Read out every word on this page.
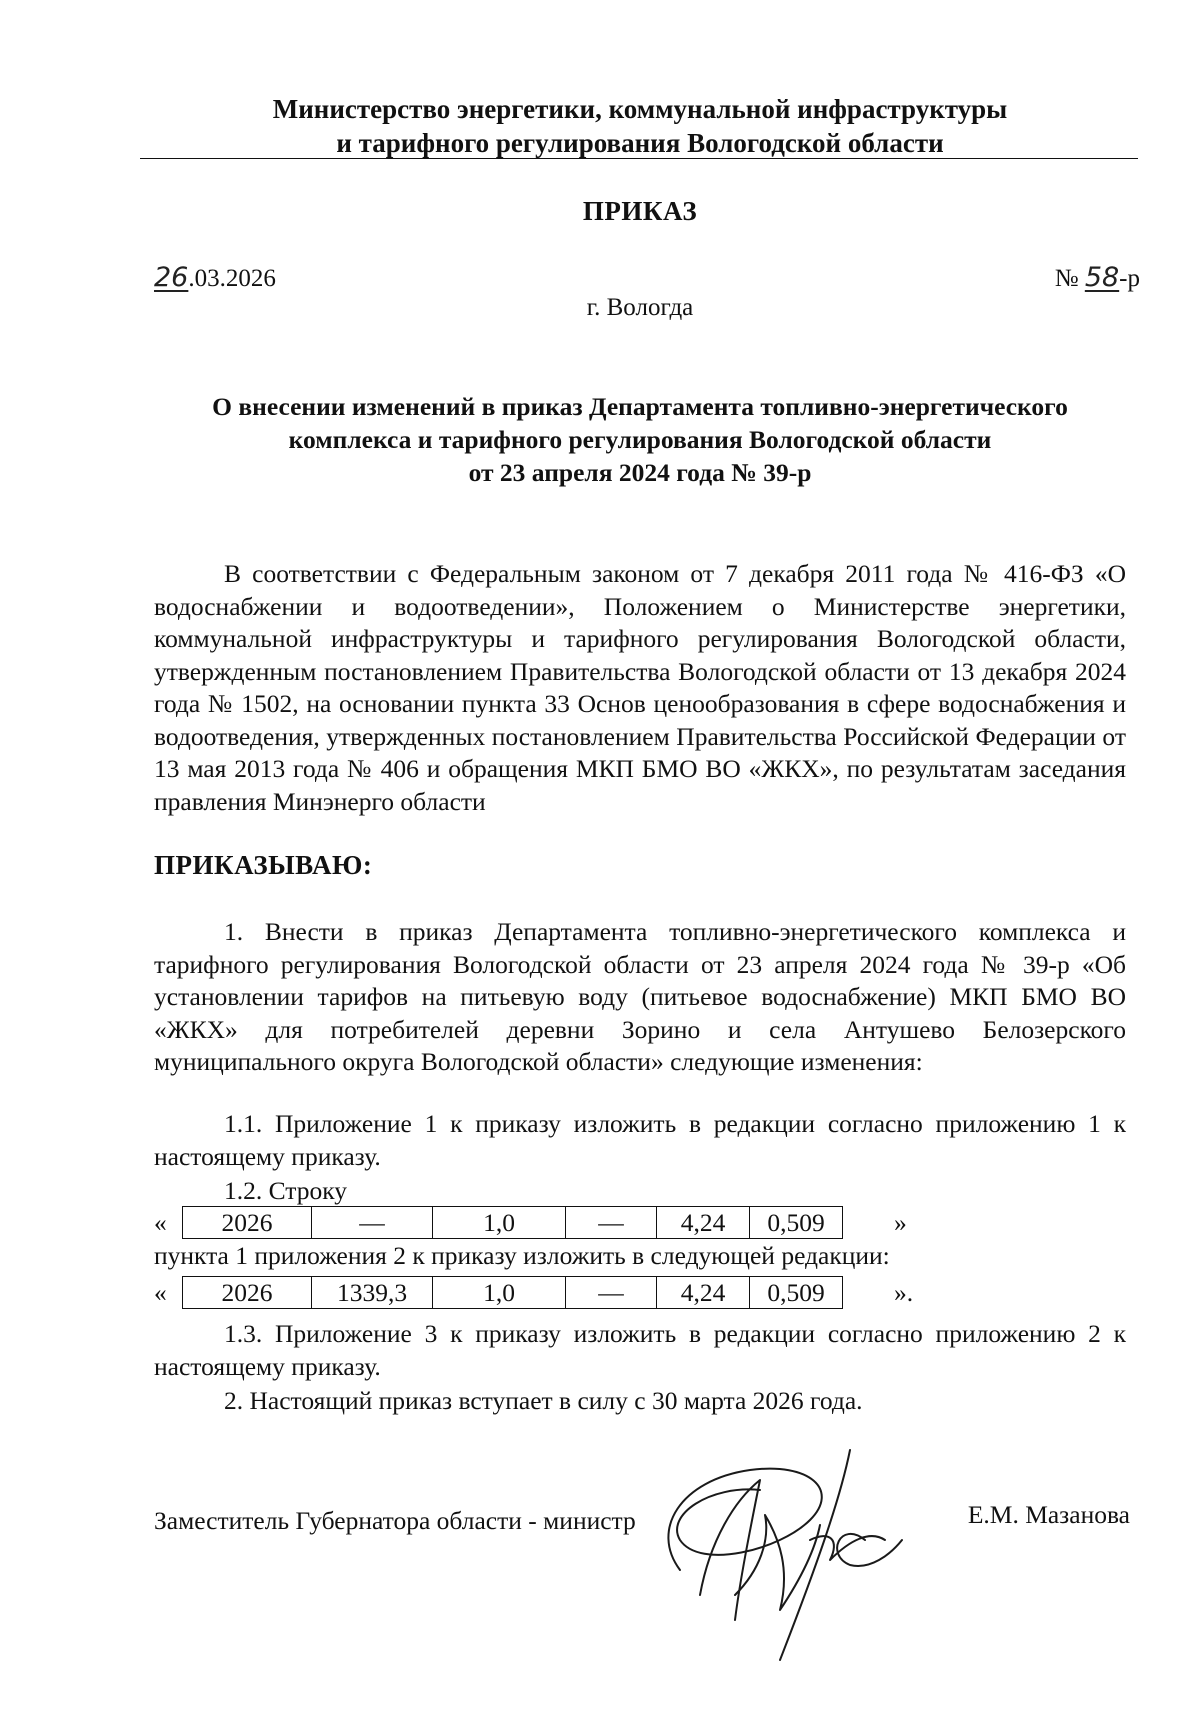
Министерство энергетики, коммунальной инфраструктуры
и тарифного регулирования Вологодской области
ПРИКАЗ
26.03.2026	№ 58-р
г. Вологда
О внесении изменений в приказ Департамента топливно-энергетического
комплекса и тарифного регулирования Вологодской области
от 23 апреля 2024 года № 39-р
В соответствии с Федеральным законом от 7 декабря 2011 года № 416-ФЗ «О водоснабжении и водоотведении», Положением о Министерстве энергетики, коммунальной инфраструктуры и тарифного регулирования Вологодской области, утвержденным постановлением Правительства Вологодской области от 13 декабря 2024 года № 1502, на основании пункта 33 Основ ценообразования в сфере водоснабжения и водоотведения, утвержденных постановлением Правительства Российской Федерации от 13 мая 2013 года № 406 и обращения МКП БМО ВО «ЖКХ», по результатам заседания правления Минэнерго области
ПРИКАЗЫВАЮ:
1. Внести в приказ Департамента топливно-энергетического комплекса и тарифного регулирования Вологодской области от 23 апреля 2024 года № 39-р «Об установлении тарифов на питьевую воду (питьевое водоснабжение) МКП БМО ВО «ЖКХ» для потребителей деревни Зорино и села Антушево Белозерского муниципального округа Вологодской области» следующие изменения:
1.1. Приложение 1 к приказу изложить в редакции согласно приложению 1 к настоящему приказу.
1.2. Строку
« 2026	—	1,0	—	4,24	0,509	»
пункта 1 приложения 2 к приказу изложить в следующей редакции:
« 2026	1339,3	1,0	—	4,24	0,509	».
1.3. Приложение 3 к приказу изложить в редакции согласно приложению 2 к настоящему приказу.
2. Настоящий приказ вступает в силу с 30 марта 2026 года.
Заместитель Губернатора области - министр	Е.М. Мазанова
